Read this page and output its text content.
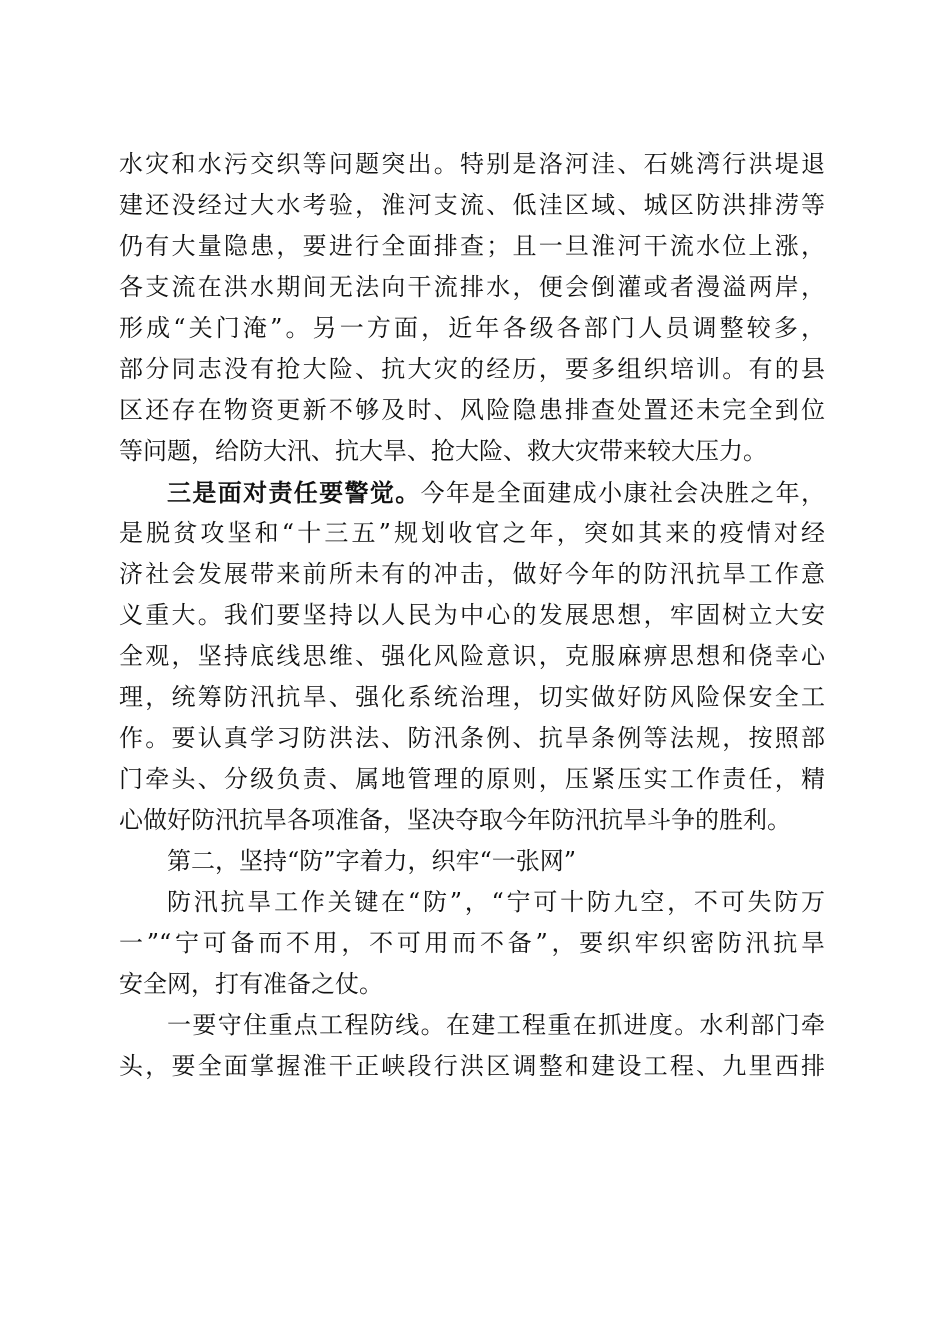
水灾和水污交织等问题突出。特别是洛河洼、石姚湾行洪堤退
建还没经过大水考验，淮河支流、低洼区域、城区防洪排涝等
仍有大量隐患，要进行全面排查；且一旦淮河干流水位上涨，
各支流在洪水期间无法向干流排水，便会倒灌或者漫溢两岸，
形成“关门淹”。另一方面，近年各级各部门人员调整较多，
部分同志没有抢大险、抗大灾的经历，要多组织培训。有的县
区还存在物资更新不够及时、风险隐患排查处置还未完全到位
等问题，给防大汛、抗大旱、抢大险、救大灾带来较大压力。
三是面对责任要警觉。今年是全面建成小康社会决胜之年，
是脱贫攻坚和“十三五”规划收官之年，突如其来的疫情对经
济社会发展带来前所未有的冲击，做好今年的防汛抗旱工作意
义重大。我们要坚持以人民为中心的发展思想，牢固树立大安
全观，坚持底线思维、强化风险意识，克服麻痹思想和侥幸心
理，统筹防汛抗旱、强化系统治理，切实做好防风险保安全工
作。要认真学习防洪法、防汛条例、抗旱条例等法规，按照部
门牵头、分级负责、属地管理的原则，压紧压实工作责任，精
心做好防汛抗旱各项准备，坚决夺取今年防汛抗旱斗争的胜利。
第二，坚持“防”字着力，织牢“一张网”
防汛抗旱工作关键在“防”，“宁可十防九空，不可失防万
一”“宁可备而不用，不可用而不备”，要织牢织密防汛抗旱
安全网，打有准备之仗。
一要守住重点工程防线。在建工程重在抓进度。水利部门牵
头，要全面掌握淮干正峡段行洪区调整和建设工程、九里西排
